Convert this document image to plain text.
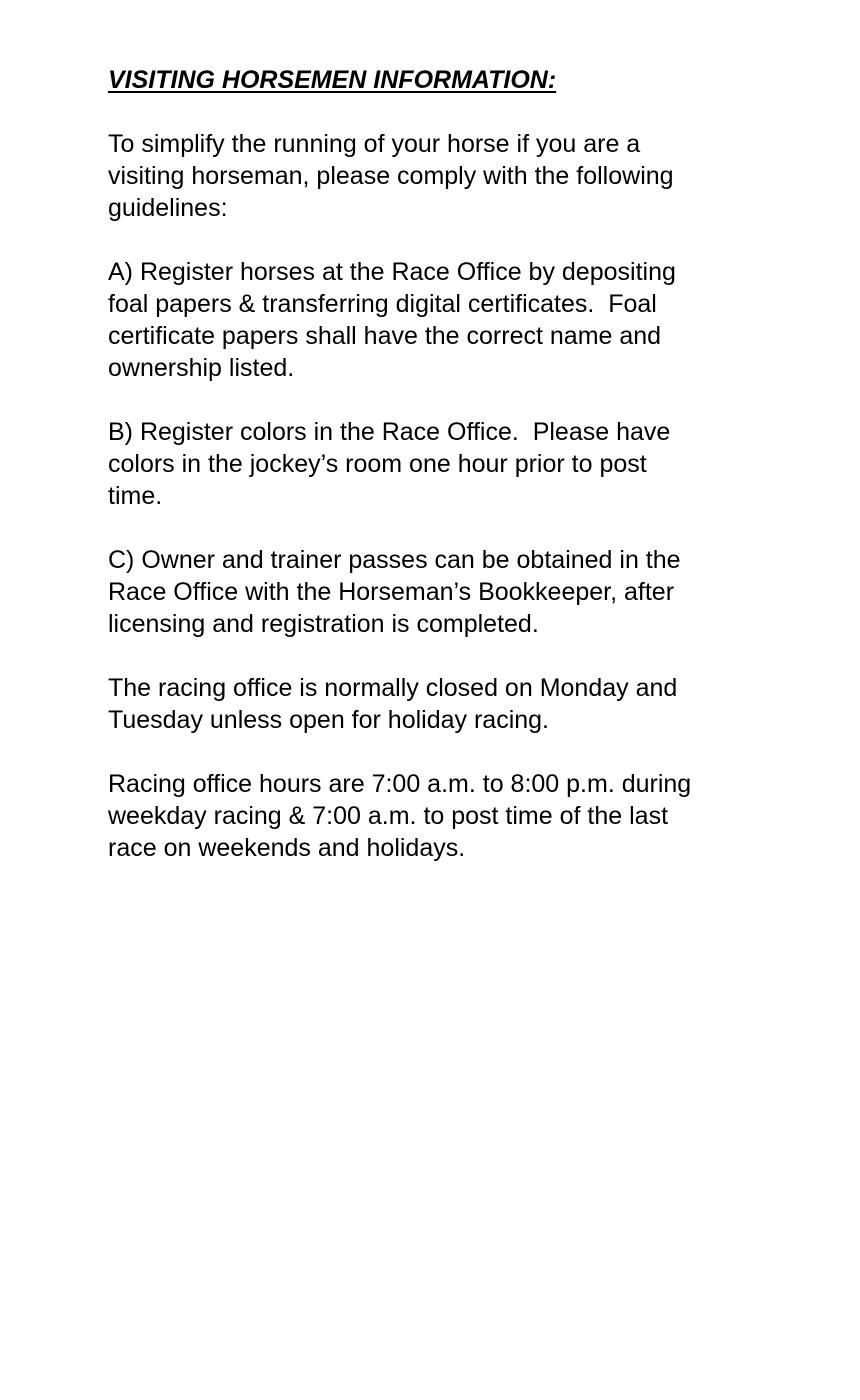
VISITING HORSEMEN INFORMATION:
To simplify the running of your horse if you are a
visiting horseman, please comply with the following
guidelines:
A) Register horses at the Race Office by depositing
foal papers & transferring digital certificates.  Foal
certificate papers shall have the correct name and
ownership listed.
B) Register colors in the Race Office.  Please have
colors in the jockey’s room one hour prior to post
time.
C) Owner and trainer passes can be obtained in the
Race Office with the Horseman’s Bookkeeper, after
licensing and registration is completed.
The racing office is normally closed on Monday and
Tuesday unless open for holiday racing.
Racing office hours are 7:00 a.m. to 8:00 p.m. during
weekday racing & 7:00 a.m. to post time of the last
race on weekends and holidays.
